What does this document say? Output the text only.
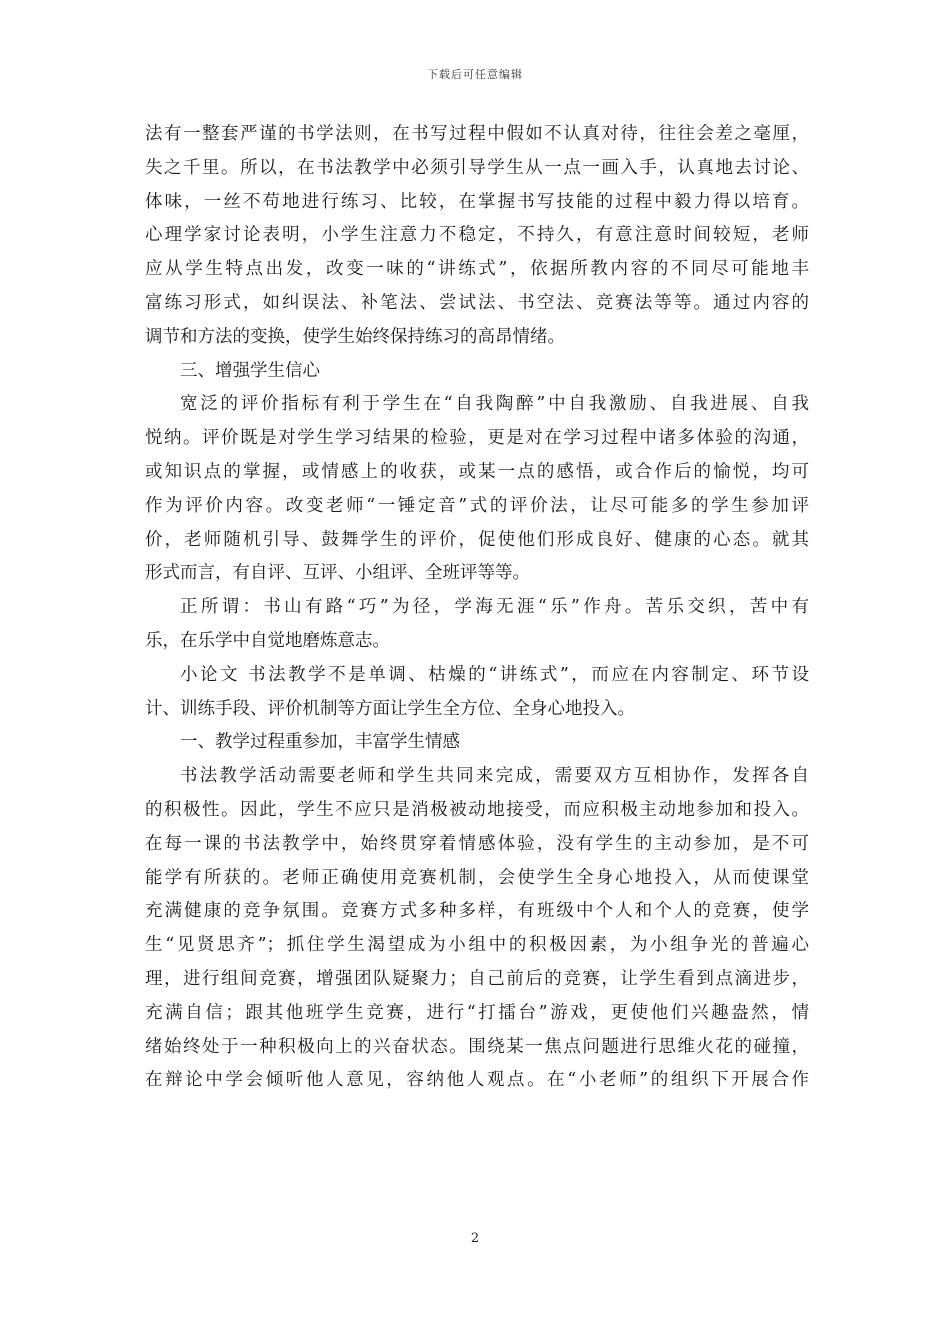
下载后可任意编辑

法有一整套严谨的书学法则，在书写过程中假如不认真对待，往往会差之毫厘，
失之千里。所以，在书法教学中必须引导学生从一点一画入手，认真地去讨论、
体味，一丝不苟地进行练习、比较，在掌握书写技能的过程中毅力得以培育。
心理学家讨论表明，小学生注意力不稳定，不持久，有意注意时间较短，老师
应从学生特点出发，改变一味的“讲练式”，依据所教内容的不同尽可能地丰
富练习形式，如纠误法、补笔法、尝试法、书空法、竞赛法等等。通过内容的
调节和方法的变换，使学生始终保持练习的高昂情绪。

三、增强学生信心

宽泛的评价指标有利于学生在“自我陶醉”中自我激励、自我进展、自我
悦纳。评价既是对学生学习结果的检验，更是对在学习过程中诸多体验的沟通，
或知识点的掌握，或情感上的收获，或某一点的感悟，或合作后的愉悦，均可
作为评价内容。改变老师“一锤定音”式的评价法，让尽可能多的学生参加评
价，老师随机引导、鼓舞学生的评价，促使他们形成良好、健康的心态。就其
形式而言，有自评、互评、小组评、全班评等等。

正所谓：书山有路“巧”为径，学海无涯“乐”作舟。苦乐交织，苦中有
乐，在乐学中自觉地磨炼意志。

小论文 书法教学不是单调、枯燥的“讲练式”，而应在内容制定、环节设
计、训练手段、评价机制等方面让学生全方位、全身心地投入。

一、教学过程重参加，丰富学生情感

书法教学活动需要老师和学生共同来完成，需要双方互相协作，发挥各自
的积极性。因此，学生不应只是消极被动地接受，而应积极主动地参加和投入。
在每一课的书法教学中，始终贯穿着情感体验，没有学生的主动参加，是不可
能学有所获的。老师正确使用竞赛机制，会使学生全身心地投入，从而使课堂
充满健康的竞争氛围。竞赛方式多种多样，有班级中个人和个人的竞赛，使学
生“见贤思齐”；抓住学生渴望成为小组中的积极因素，为小组争光的普遍心
理，进行组间竞赛，增强团队疑聚力；自己前后的竞赛，让学生看到点滴进步，
充满自信；跟其他班学生竞赛，进行“打擂台”游戏，更使他们兴趣盎然，情
绪始终处于一种积极向上的兴奋状态。围绕某一焦点问题进行思维火花的碰撞，
在辩论中学会倾听他人意见，容纳他人观点。在“小老师”的组织下开展合作

2
